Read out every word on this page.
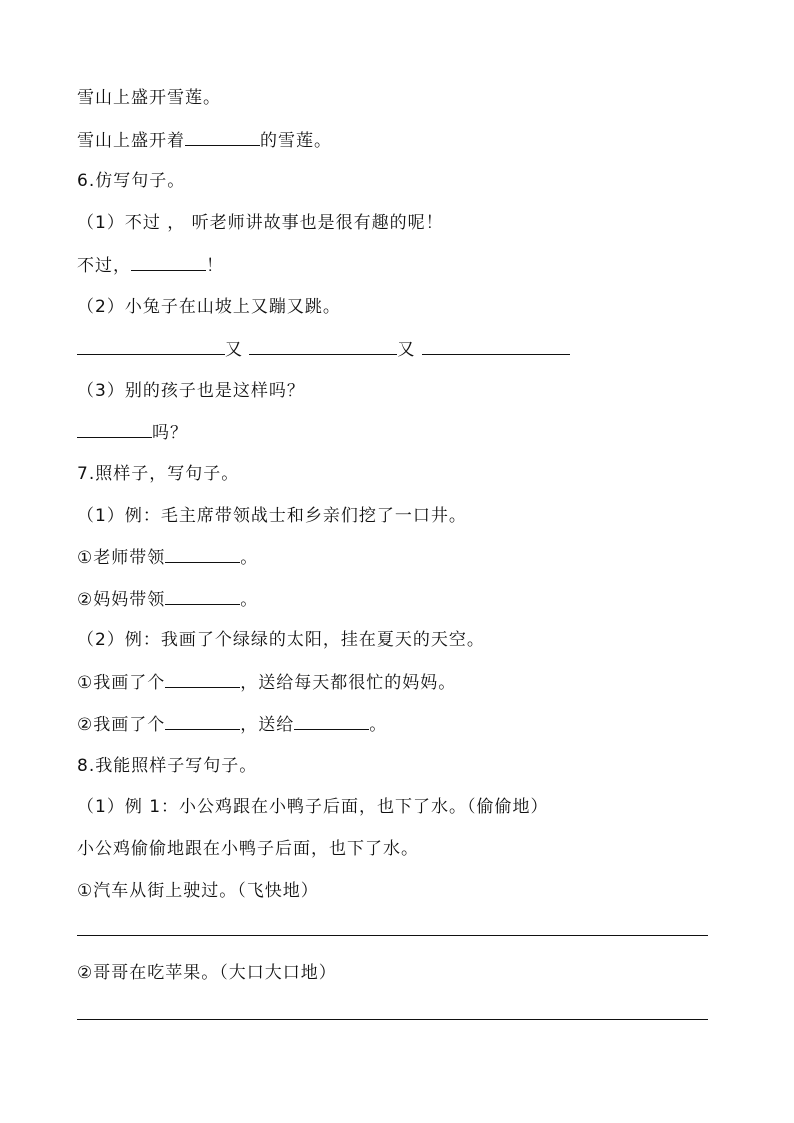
雪山上盛开雪莲。
雪山上盛开着	的雪莲。
6.仿写句子。
（1）不过 ， 听老师讲故事也是很有趣的呢！
不过，	！
（2）小兔子在山坡上又蹦又跳。
又	又
（3）别的孩子也是这样吗？
吗？
7.照样子，写句子。
（1）例：毛主席带领战士和乡亲们挖了一口井。
①老师带领	。
②妈妈带领	。
（2）例：我画了个绿绿的太阳，挂在夏天的天空。
①我画了个	，送给每天都很忙的妈妈。
②我画了个	，送给	。
8.我能照样子写句子。
（1）例 1：小公鸡跟在小鸭子后面，也下了水。（偷偷地）
小公鸡偷偷地跟在小鸭子后面，也下了水。
①汽车从街上驶过。（飞快地）
②哥哥在吃苹果。（大口大口地）
